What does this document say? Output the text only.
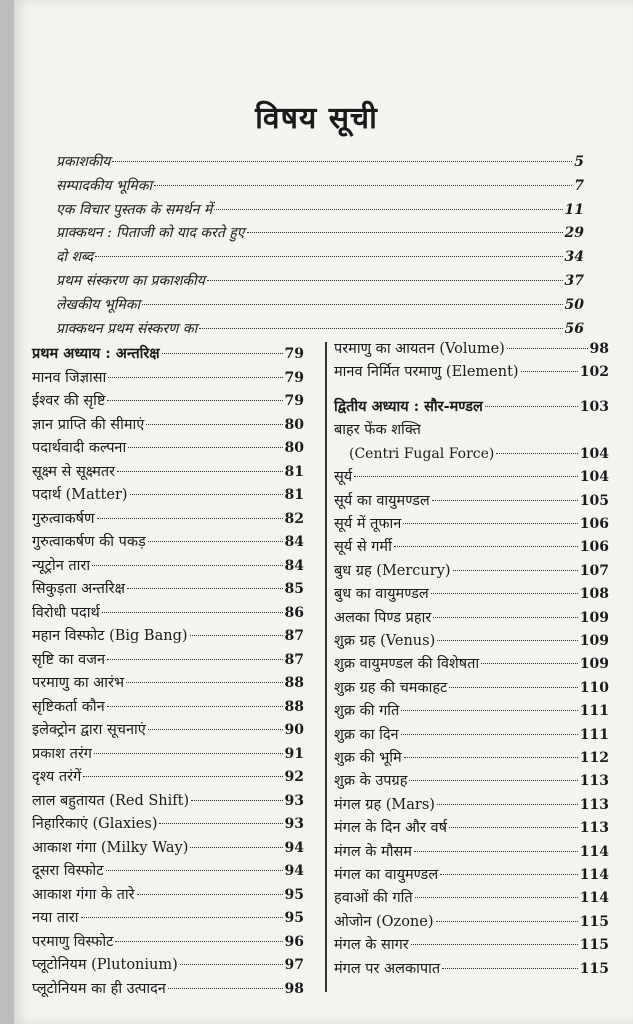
विषय सूची
प्रकाशकीय	5
सम्पादकीय भूमिका	7
एक विचार पुस्तक के समर्थन में	11
प्राक्कथन : पिताजी को याद करते हुए	29
दो शब्द	34
प्रथम संस्करण का प्रकाशकीय	37
लेखकीय भूमिका	50
प्राक्कथन प्रथम संस्करण का	56
प्रथम अध्याय : अन्तरिक्ष	79
मानव जिज्ञासा	79
ईश्वर की सृष्टि	79
ज्ञान प्राप्ति की सीमाएं	80
पदार्थवादी कल्पना	80
सूक्ष्म से सूक्ष्मतर	81
पदार्थ (Matter)	81
गुरुत्वाकर्षण	82
गुरुत्वाकर्षण की पकड़	84
न्यूट्रोन तारा	84
सिकुड़ता अन्तरिक्ष	85
विरोधी पदार्थ	86
महान विस्फोट (Big Bang)	87
सृष्टि का वजन	87
परमाणु का आरंभ	88
सृष्टिकर्ता कौन	88
इलेक्ट्रोन द्वारा सूचनाएं	90
प्रकाश तरंग	91
दृश्य तरंगें	92
लाल बहुतायत (Red Shift)	93
निहारिकाएं (Glaxies)	93
आकाश गंगा (Milky Way)	94
दूसरा विस्फोट	94
आकाश गंगा के तारे	95
नया तारा	95
परमाणु विस्फोट	96
प्लूटोनियम (Plutonium)	97
प्लूटोनियम का ही उत्पादन	98
परमाणु का आयतन (Volume)	98
मानव निर्मित परमाणु (Element)	102
द्वितीय अध्याय : सौर-मण्डल	103
बाहर फेंक शक्ति
(Centri Fugal Force)	104
सूर्य	104
सूर्य का वायुमण्डल	105
सूर्य में तूफान	106
सूर्य से गर्मी	106
बुध ग्रह (Mercury)	107
बुध का वायुमण्डल	108
अलका पिण्ड प्रहार	109
शुक्र ग्रह (Venus)	109
शुक्र वायुमण्डल की विशेषता	109
शुक्र ग्रह की चमकाहट	110
शुक्र की गति	111
शुक्र का दिन	111
शुक्र की भूमि	112
शुक्र के उपग्रह	113
मंगल ग्रह (Mars)	113
मंगल के दिन और वर्ष	113
मंगल के मौसम	114
मंगल का वायुमण्डल	114
हवाओं की गति	114
ओजोन (Ozone)	115
मंगल के सागर	115
मंगल पर अलकापात	115
